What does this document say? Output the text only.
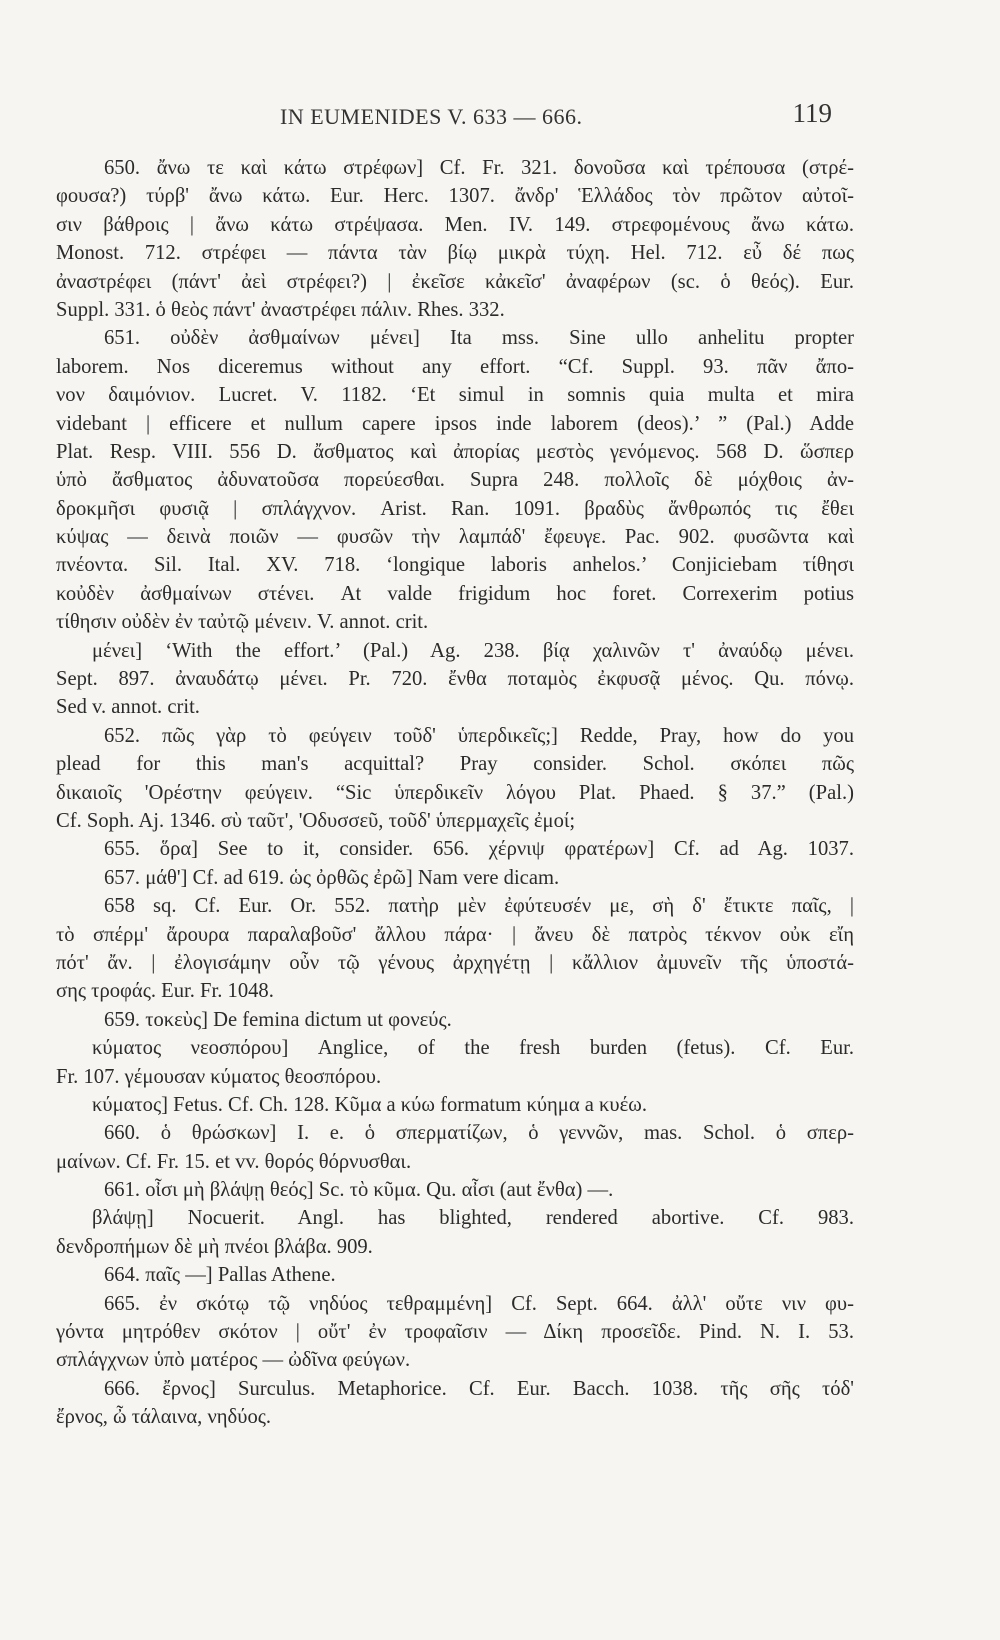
IN EUMENIDES V. 633 — 666.	119
650. ἄνω τε καὶ κάτω στρέφων] Cf. Fr. 321. δονοῦσα καὶ τρέπουσα (στρέ-
φουσα?) τύρβ' ἄνω κάτω. Eur. Herc. 1307. ἄνδρ' Ἑλλάδος τὸν πρῶτον αὐτοῖ-
σιν βάθροις | ἄνω κάτω στρέψασα. Men. IV. 149. στρεφομένους ἄνω κάτω.
Monost. 712. στρέφει — πάντα τὰν βίῳ μικρὰ τύχη. Hel. 712. εὖ δέ πως
ἀναστρέφει (πάντ' ἀεὶ στρέφει?) | ἐκεῖσε κἀκεῖσ' ἀναφέρων (sc. ὁ θεός). Eur.
Suppl. 331. ὁ θεὸς πάντ' ἀναστρέφει πάλιν. Rhes. 332.
651. οὐδὲν ἀσθμαίνων μένει] Ita mss. Sine ullo anhelitu propter
laborem. Nos diceremus without any effort. “Cf. Suppl. 93. πᾶν ἄπο-
νον δαιμόνιον. Lucret. V. 1182. ‘Et simul in somnis quia multa et mira
videbant | efficere et nullum capere ipsos inde laborem (deos).’ ” (Pal.) Adde
Plat. Resp. VIII. 556 D. ἄσθματος καὶ ἀπορίας μεστὸς γενόμενος. 568 D. ὥσπερ
ὑπὸ ἄσθματος ἀδυνατοῦσα πορεύεσθαι. Supra 248. πολλοῖς δὲ μόχθοις ἀν-
δροκμῆσι φυσιᾷ | σπλάγχνον. Arist. Ran. 1091. βραδὺς ἄνθρωπός τις ἔθει
κύψας — δεινὰ ποιῶν — φυσῶν τὴν λαμπάδ' ἔφευγε. Pac. 902. φυσῶντα καὶ
πνέοντα. Sil. Ital. XV. 718. ‘longique laboris anhelos.’ Conjiciebam τίθησι
κοὐδὲν ἀσθμαίνων στένει. At valde frigidum hoc foret. Correxerim potius
τίθησιν οὐδὲν ἐν ταὐτῷ μένειν. V. annot. crit.
μένει] ‘With the effort.’ (Pal.) Ag. 238. βίᾳ χαλινῶν τ' ἀναύδῳ μένει.
Sept. 897. ἀναυδάτῳ μένει. Pr. 720. ἔνθα ποταμὸς ἐκφυσᾷ μένος. Qu. πόνῳ.
Sed v. annot. crit.
652. πῶς γὰρ τὸ φεύγειν τοῦδ' ὑπερδικεῖς;] Redde, Pray, how do you
plead for this man's acquittal? Pray consider. Schol. σκόπει πῶς
δικαιοῖς 'Ορέστην φεύγειν. “Sic ὑπερδικεῖν λόγου Plat. Phaed. § 37.” (Pal.)
Cf. Soph. Aj. 1346. σὺ ταῦτ', 'Οδυσσεῦ, τοῦδ' ὑπερμαχεῖς ἐμοί;
655. ὅρα] See to it, consider. 656. χέρνιψ φρατέρων] Cf. ad Ag. 1037.
657. μάθ'] Cf. ad 619. ὡς ὀρθῶς ἐρῶ] Nam vere dicam.
658 sq. Cf. Eur. Or. 552. πατὴρ μὲν ἐφύτευσέν με, σὴ δ' ἔτικτε παῖς, |
τὸ σπέρμ' ἄρουρα παραλαβοῦσ' ἄλλου πάρα· | ἄνευ δὲ πατρὸς τέκνον οὐκ εἴη
πότ' ἄν. | ἐλογισάμην οὖν τῷ γένους ἀρχηγέτῃ | κἄλλιον ἀμυνεῖν τῆς ὑποστά-
σης τροφάς. Eur. Fr. 1048.
659. τοκεὺς] De femina dictum ut φονεύς.
κύματος νεοσπόρου] Anglice, of the fresh burden (fetus). Cf. Eur.
Fr. 107. γέμουσαν κύματος θεοσπόρου.
κύματος] Fetus. Cf. Ch. 128. Κῦμα a κύω formatum κύημα a κυέω.
660. ὁ θρώσκων] I. e. ὁ σπερματίζων, ὁ γεννῶν, mas. Schol. ὁ σπερ-
μαίνων. Cf. Fr. 15. et vv. θορός θόρνυσθαι.
661. οἶσι μὴ βλάψῃ θεός] Sc. τὸ κῦμα. Qu. αἶσι (aut ἔνθα) —.
βλάψῃ] Nocuerit. Angl. has blighted, rendered abortive. Cf. 983.
δενδροπήμων δὲ μὴ πνέοι βλάβα. 909.
664. παῖς —] Pallas Athene.
665. ἐν σκότῳ τῷ νηδύος τεθραμμένη] Cf. Sept. 664. ἀλλ' οὔτε νιν φυ-
γόντα μητρόθεν σκότον | οὔτ' ἐν τροφαῖσιν — Δίκη προσεῖδε. Pind. N. I. 53.
σπλάγχνων ὑπὸ ματέρος — ὠδῖνα φεύγων.
666. ἔρνος] Surculus. Metaphorice. Cf. Eur. Bacch. 1038. τῆς σῆς τόδ'
ἔρνος, ὦ τάλαινα, νηδύος.
